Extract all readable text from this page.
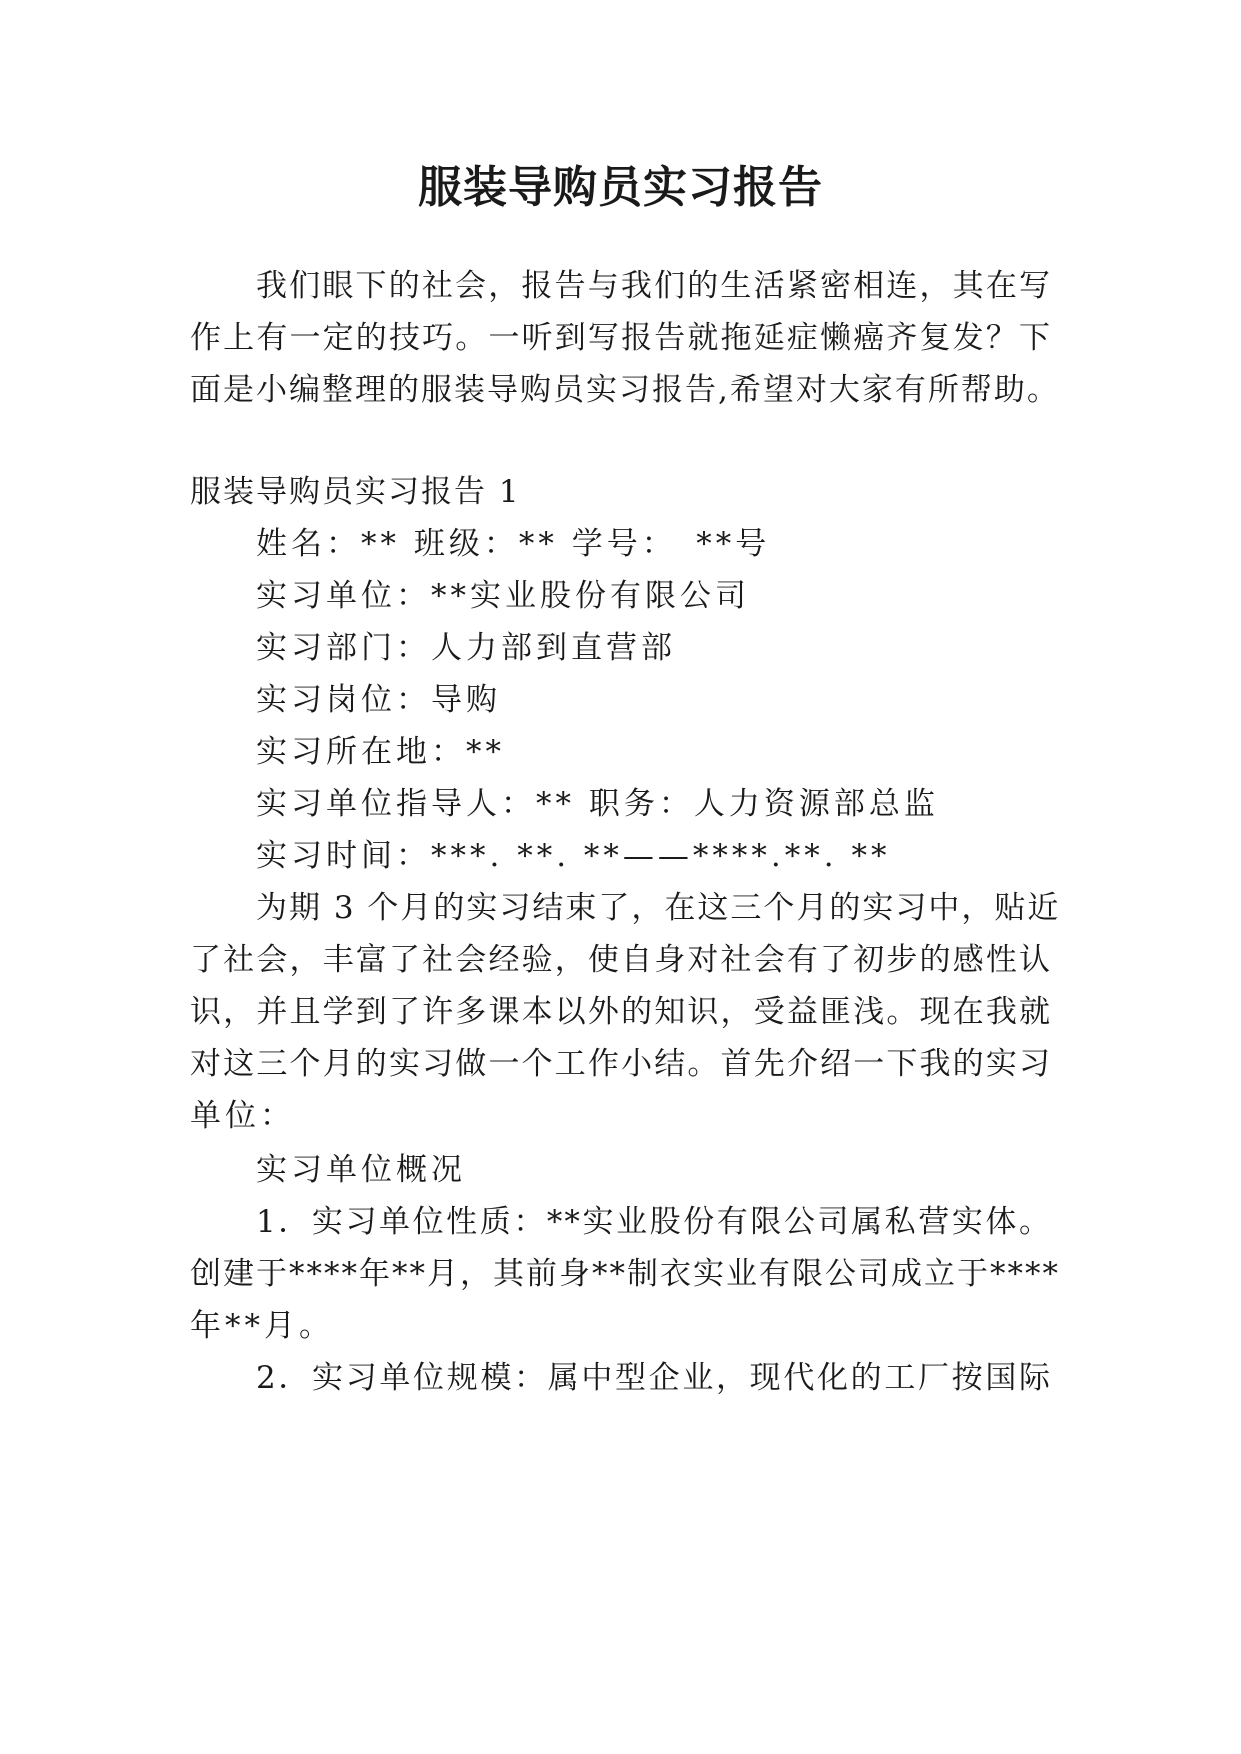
服装导购员实习报告
我们眼下的社会，报告与我们的生活紧密相连，其在写
作上有一定的技巧。一听到写报告就拖延症懒癌齐复发？下
面是小编整理的服装导购员实习报告,希望对大家有所帮助。
服装导购员实习报告 1
姓名：** 班级：** 学号：　**号
实习单位：**实业股份有限公司
实习部门：人力部到直营部
实习岗位：导购
实习所在地：**
实习单位指导人：** 职务：人力资源部总监
实习时间：***. **. **——****.**. **
为期 3 个月的实习结束了，在这三个月的实习中，贴近
了社会，丰富了社会经验，使自身对社会有了初步的感性认
识，并且学到了许多课本以外的知识，受益匪浅。现在我就
对这三个月的实习做一个工作小结。首先介绍一下我的实习
单位：
实习单位概况
1．实习单位性质：**实业股份有限公司属私营实体。
创建于****年**月，其前身**制衣实业有限公司成立于****
年**月。
2．实习单位规模：属中型企业，现代化的工厂按国际
